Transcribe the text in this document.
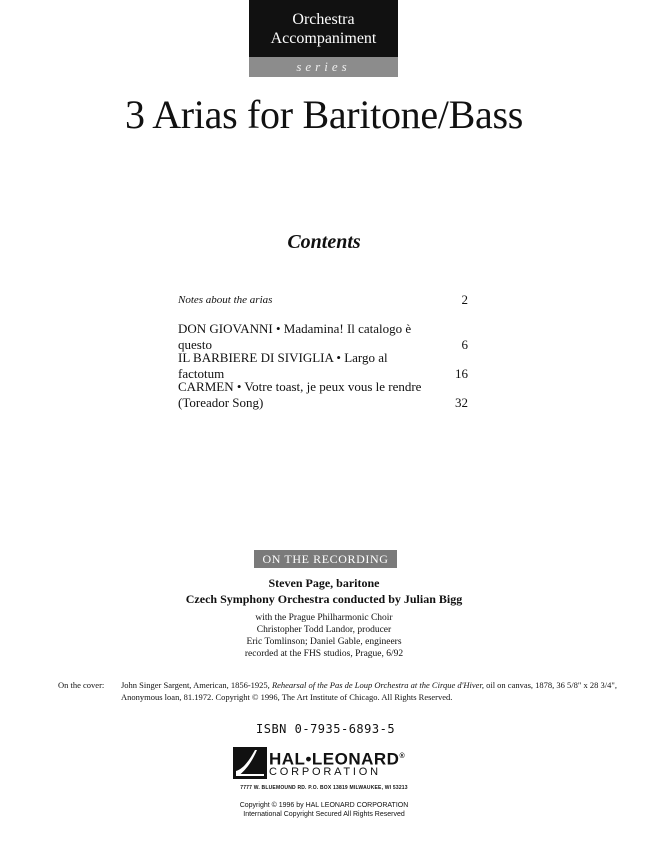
Orchestra
Accompaniment
series
3 Arias for Baritone/Bass
Contents
Notes about the arias	2
DON GIOVANNI • Madamina! Il catalogo è questo	6
IL BARBIERE DI SIVIGLIA • Largo al factotum	16
CARMEN • Votre toast, je peux vous le rendre
(Toreador Song)	32
ON THE RECORDING
Steven Page, baritone
Czech Symphony Orchestra conducted by Julian Bigg
with the Prague Philharmonic Choir
Christopher Todd Landor, producer
Eric Tomlinson; Daniel Gable, engineers
recorded at the FHS studios, Prague, 6/92
On the cover: John Singer Sargent, American, 1856-1925, Rehearsal of the Pas de Loup Orchestra at the Cirque d'Hiver, oil on canvas, 1878, 36 5/8" x 28 3/4",
Anonymous loan, 81.1972. Copyright © 1996, The Art Institute of Chicago. All Rights Reserved.
ISBN 0-7935-6893-5
HAL•LEONARD®
CORPORATION
7777 W. BLUEMOUND RD. P.O. BOX 13819 MILWAUKEE, WI 53213
Copyright © 1996 by HAL LEONARD CORPORATION
International Copyright Secured All Rights Reserved
